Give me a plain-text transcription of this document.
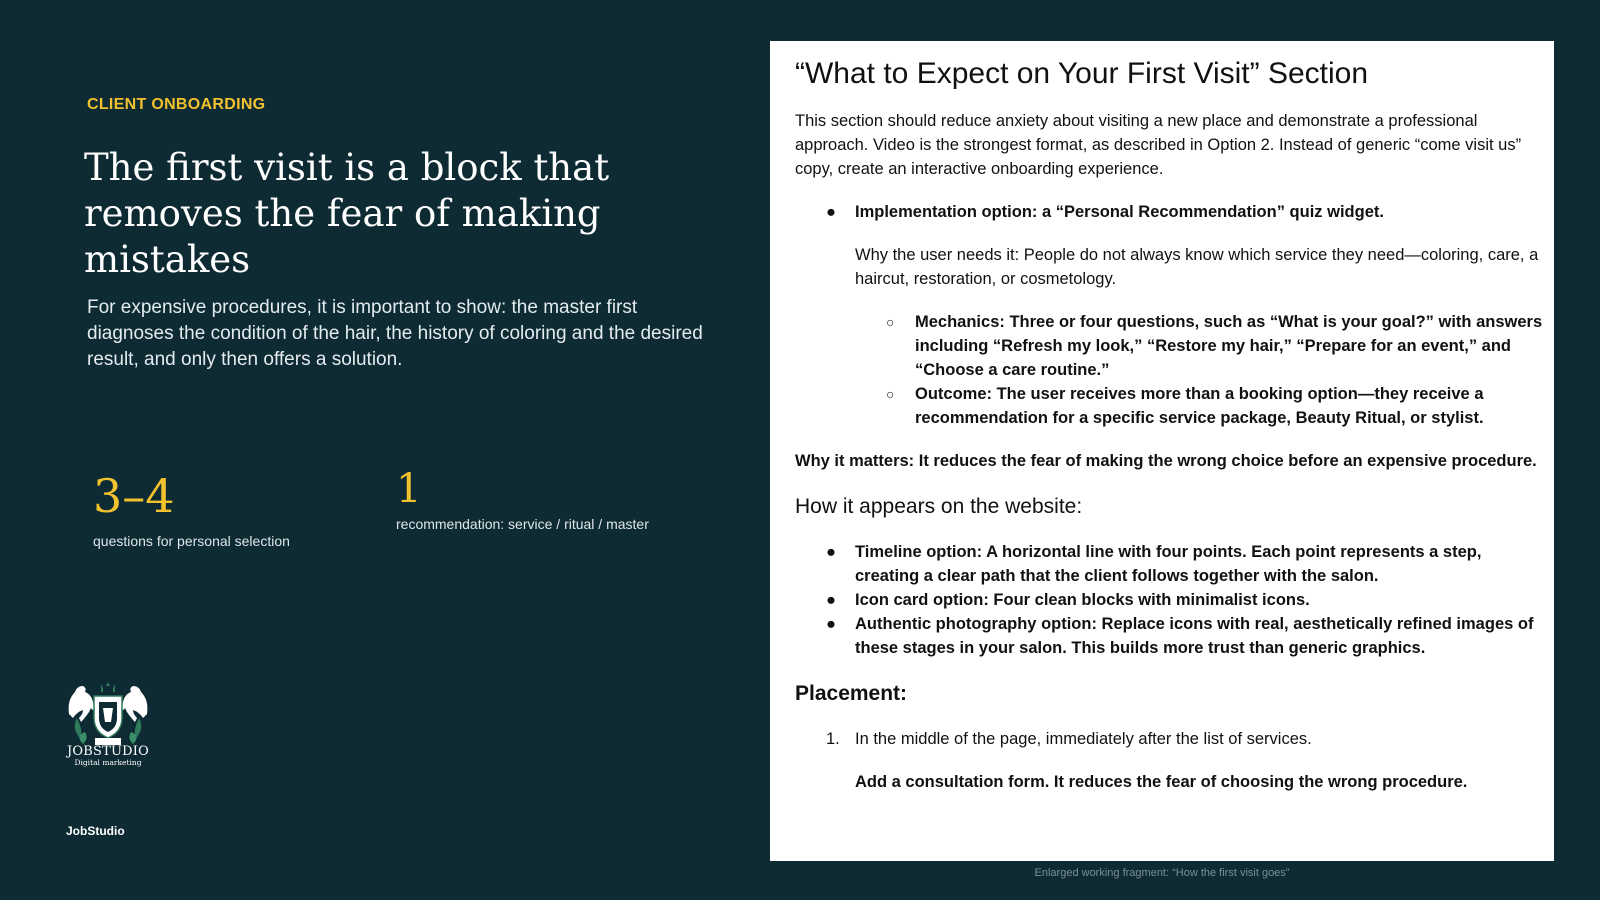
CLIENT ONBOARDING
The first visit is a block that removes the fear of making mistakes
For expensive procedures, it is important to show: the master first diagnoses the condition of the hair, the history of coloring and the desired result, and only then offers a solution.
3–4
questions for personal selection
1
recommendation: service / ritual / master
JOBSTUDIO
Digital marketing
JobStudio
“What to Expect on Your First Visit” Section

This section should reduce anxiety about visiting a new place and demonstrate a professional approach. Video is the strongest format, as described in Option 2. Instead of generic “come visit us” copy, create an interactive onboarding experience.

● Implementation option: a “Personal Recommendation” quiz widget.
Why the user needs it: People do not always know which service they need—coloring, care, a haircut, restoration, or cosmetology.
○ Mechanics: Three or four questions, such as “What is your goal?” with answers including “Refresh my look,” “Restore my hair,” “Prepare for an event,” and “Choose a care routine.”
○ Outcome: The user receives more than a booking option—they receive a recommendation for a specific service package, Beauty Ritual, or stylist.
Why it matters: It reduces the fear of making the wrong choice before an expensive procedure.
How it appears on the website:
● Timeline option: A horizontal line with four points. Each point represents a step, creating a clear path that the client follows together with the salon.
● Icon card option: Four clean blocks with minimalist icons.
● Authentic photography option: Replace icons with real, aesthetically refined images of these stages in your salon. This builds more trust than generic graphics.
Placement:
1. In the middle of the page, immediately after the list of services.
Add a consultation form. It reduces the fear of choosing the wrong procedure.
Enlarged working fragment: “How the first visit goes”
